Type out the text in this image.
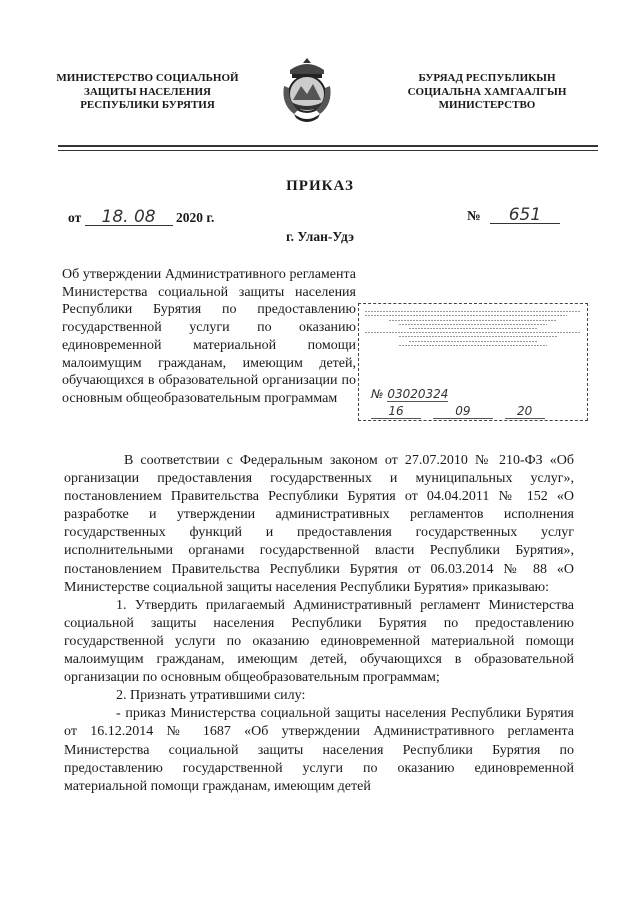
МИНИСТЕРСТВО СОЦИАЛЬНОЙ
ЗАЩИТЫ НАСЕЛЕНИЯ
РЕСПУБЛИКИ БУРЯТИЯ
БУРЯАД РЕСПУБЛИКЫН
СОЦИАЛЬНА ХАМГААЛГЫН
МИНИСТЕРСТВО
ПРИКАЗ
от 18. 08 2020 г.	№ 651
г. Улан-Удэ
Об утверждении Административного регламента Министерства социальной защиты населения Республики Бурятия по предоставлению государственной услуги по оказанию единовременной материальной помощи малоимущим гражданам, имеющим детей, обучающихся в образовательной организации по основным общеобразовательным программам	№ 03020324
16	09	20

В соответствии с Федеральным законом от 27.07.2010 № 210-ФЗ «Об организации предоставления государственных и муниципальных услуг», постановлением Правительства Республики Бурятия от 04.04.2011 № 152 «О разработке и утверждении административных регламентов исполнения государственных функций и предоставления государственных услуг исполнительными органами государственной власти Республики Бурятия», постановлением Правительства Республики Бурятия от 06.03.2014 № 88 «О Министерстве социальной защиты населения Республики Бурятия» приказываю:

1. Утвердить прилагаемый Административный регламент Министерства социальной защиты населения Республики Бурятия по предоставлению государственной услуги по оказанию единовременной материальной помощи малоимущим гражданам, имеющим детей, обучающихся в образовательной организации по основным общеобразовательным программам;

2. Признать утратившими силу:

- приказ Министерства социальной защиты населения Республики Бурятия от 16.12.2014 № 1687 «Об утверждении Административного регламента Министерства социальной защиты населения Республики Бурятия по предоставлению государственной услуги по оказанию единовременной материальной помощи гражданам, имеющим детей
